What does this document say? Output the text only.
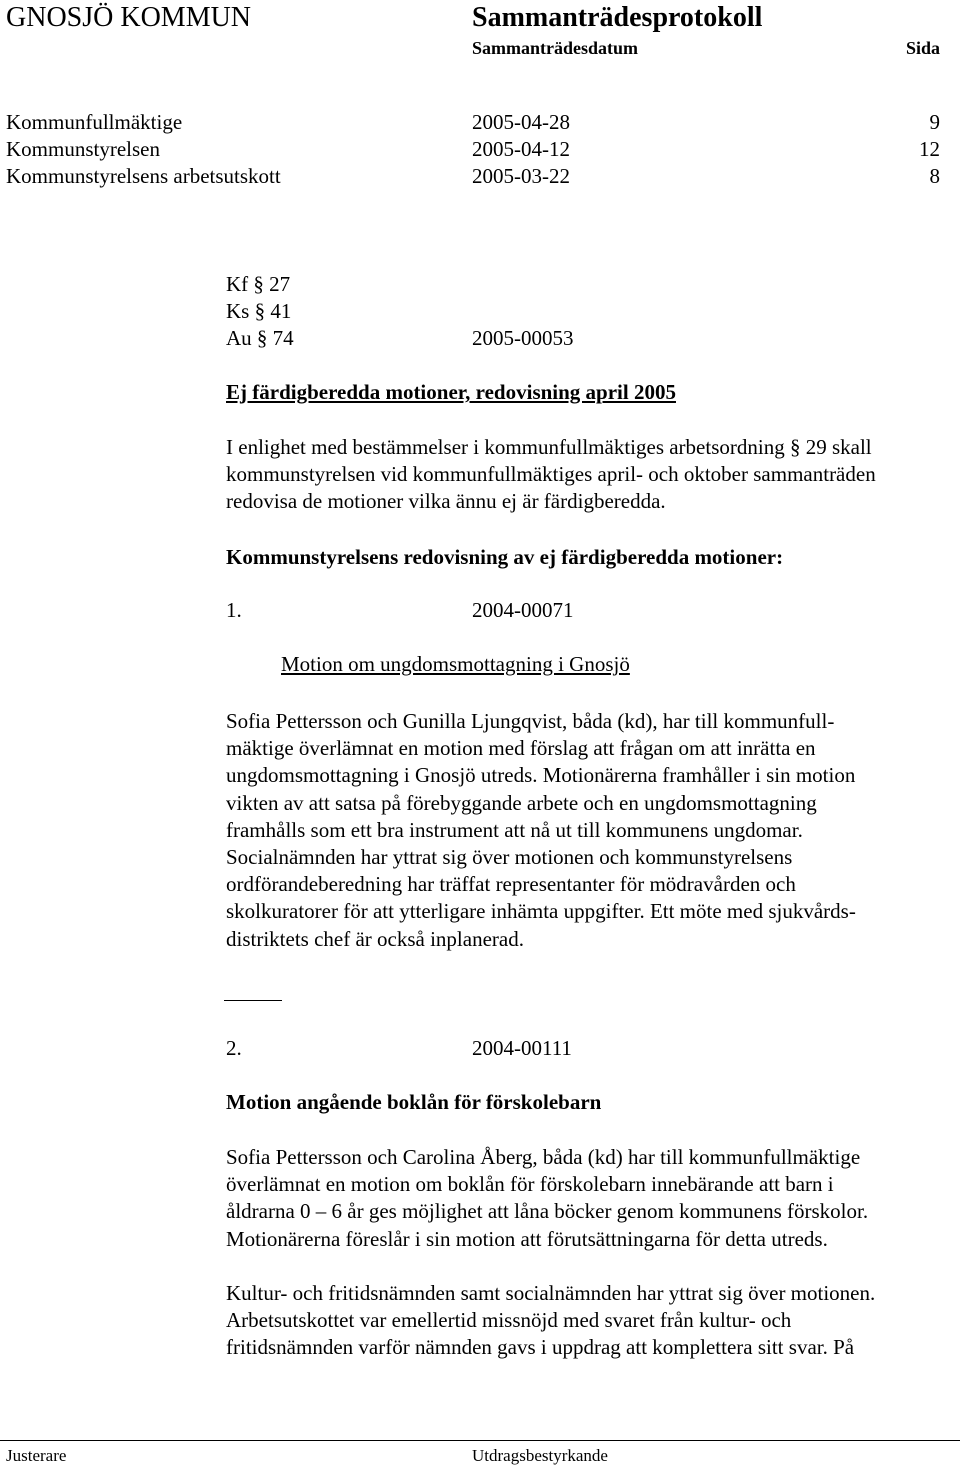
GNOSJÖ KOMMUN	Sammanträdesprotokoll
Sammanträdesdatum	Sida
Kommunfullmäktige	2005-04-28	9
Kommunstyrelsen	2005-04-12	12
Kommunstyrelsens arbetsutskott	2005-03-22	8
Kf § 27
Ks § 41
Au § 74	2005-00053
Ej färdigberedda motioner, redovisning april 2005
I enlighet med bestämmelser i kommunfullmäktiges arbetsordning § 29 skall
kommunstyrelsen vid kommunfullmäktiges april- och oktober sammanträden
redovisa de motioner vilka ännu ej är färdigberedda.
Kommunstyrelsens redovisning av ej färdigberedda motioner:
1.	2004-00071
Motion om ungdomsmottagning i Gnosjö
Sofia Pettersson och Gunilla Ljungqvist, båda (kd), har till kommunfull-
mäktige överlämnat en motion med förslag att frågan om att inrätta en
ungdomsmottagning i Gnosjö utreds. Motionärerna framhåller i sin motion
vikten av att satsa på förebyggande arbete och en ungdomsmottagning
framhålls som ett bra instrument att nå ut till kommunens ungdomar.
Socialnämnden har yttrat sig över motionen och kommunstyrelsens
ordförandeberedning har träffat representanter för mödravården och
skolkuratorer för att ytterligare inhämta uppgifter. Ett möte med sjukvårds-
distriktets chef är också inplanerad.
2.	2004-00111
Motion angående boklån för förskolebarn
Sofia Pettersson och Carolina Åberg, båda (kd) har till kommunfullmäktige
överlämnat en motion om boklån för förskolebarn innebärande att barn i
åldrarna 0 – 6 år ges möjlighet att låna böcker genom kommunens förskolor.
Motionärerna föreslår i sin motion att förutsättningarna för detta utreds.
Kultur- och fritidsnämnden samt socialnämnden har yttrat sig över motionen.
Arbetsutskottet var emellertid missnöjd med svaret från kultur- och
fritidsnämnden varför nämnden gavs i uppdrag att komplettera sitt svar. På
Justerare	Utdragsbestyrkande
